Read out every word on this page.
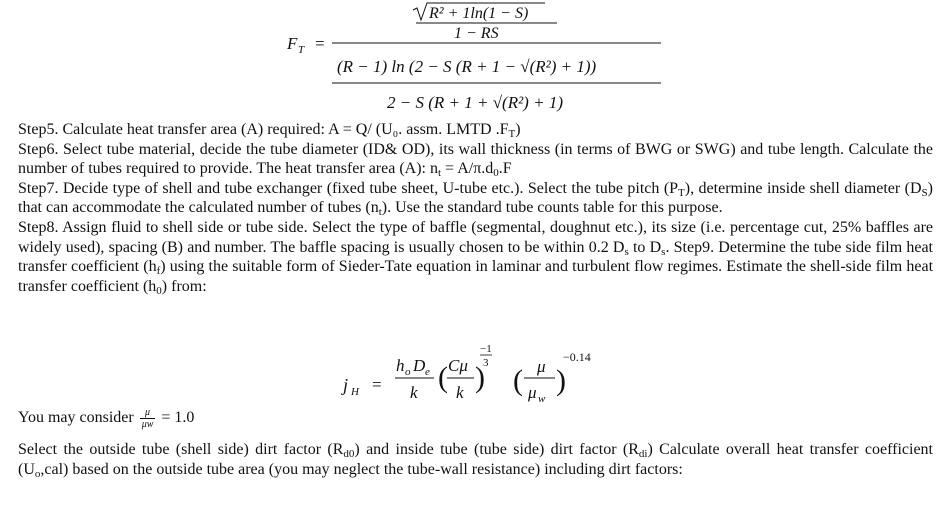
F T =
R² + 1ln(1 − S)
1 − RS
(R − 1) ln (2 − S (R + 1 − √(R²) + 1))
2 − S (R + 1 + √(R²) + 1)
Step5. Calculate heat transfer area (A) required: A = Q/ (U₀. assm. LMTD $.F_T$)
Step6. Select tube material, decide the tube diameter (ID& OD), its wall thickness (in terms of BWG or SWG) and tube length. Calculate the number of tubes required to provide. The heat transfer area (A): $n_t = A/\pi.d_0.F$
Step7. Decide type of shell and tube exchanger (fixed tube sheet, U-tube etc.). Select the tube pitch $(P_T)$, determine inside shell diameter $(D_S)$ that can accommodate the calculated number of tubes $(n_t)$. Use the standard tube counts table for this purpose.
Step8. Assign fluid to shell side or tube side. Select the type of baffle (segmental, doughnut etc.), its size (i.e. percentage cut, 25% baffles are widely used), spacing (B) and number. The baffle spacing is usually chosen to be within 0.2 $D_s$ to $D_s$. Step9. Determine the tube side film heat transfer coefficient $(h_f)$ using the suitable form of Sieder-Tate equation in laminar and turbulent flow regimes. Estimate the shell-side film heat transfer coefficient $(h_0)$ from:
j H =
h o D e
k ( Cμ
k )
−1
3
( μ
μ w
)
−0.14
You may consider $\frac{\mu}{\mu w} = 1.0$
Select the outside tube (shell side) dirt factor $(R_{d0})$ and inside tube (tube side) dirt factor $(R_{di})$ Calculate overall heat transfer coefficient $(U_o,cal)$ based on the outside tube area (you may neglect the tube-wall resistance) including dirt factors:
